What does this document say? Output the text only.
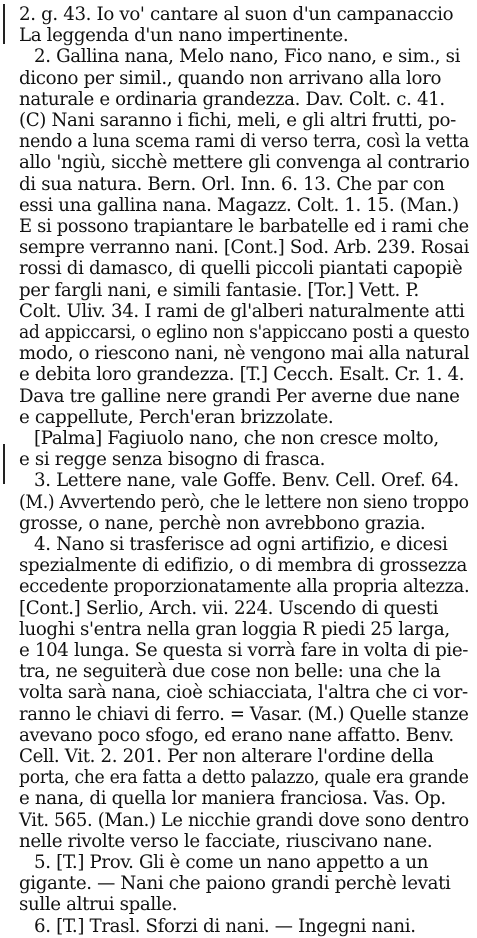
2. g. 43. Io vo' cantare al suon d'un campanaccio
La leggenda d'un nano impertinente.
2. Gallina nana, Melo nano, Fico nano, e sim., si
dicono per simil., quando non arrivano alla loro
naturale e ordinaria grandezza. Dav. Colt. c. 41.
(C) Nani saranno i fichi, meli, e gli altri frutti, po-
nendo a luna scema rami di verso terra, così la vetta
allo 'ngiù, sicchè mettere gli convenga al contrario
di sua natura. Bern. Orl. Inn. 6. 13. Che par con
essi una gallina nana. Magazz. Colt. 1. 15. (Man.)
E si possono trapiantare le barbatelle ed i rami che
sempre verranno nani. [Cont.] Sod. Arb. 239. Rosai
rossi di damasco, di quelli piccoli piantati capopiè
per fargli nani, e simili fantasie. [Tor.] Vett. P.
Colt. Uliv. 34. I rami de gl'alberi naturalmente atti
ad appiccarsi, o eglino non s'appiccano posti a questo
modo, o riescono nani, nè vengono mai alla natural
e debita loro grandezza. [T.] Cecch. Esalt. Cr. 1. 4.
Dava tre galline nere grandi Per averne due nane
e cappellute, Perch'eran brizzolate.
[Palma] Fagiuolo nano, che non cresce molto,
e si regge senza bisogno di frasca.
3. Lettere nane, vale Goffe. Benv. Cell. Oref. 64.
(M.) Avvertendo però, che le lettere non sieno troppo
grosse, o nane, perchè non avrebbono grazia.
4. Nano si trasferisce ad ogni artifizio, e dicesi
spezialmente di edifizio, o di membra di grossezza
eccedente proporzionatamente alla propria altezza.
[Cont.] Serlio, Arch. vii. 224. Uscendo di questi
luoghi s'entra nella gran loggia R piedi 25 larga,
e 104 lunga. Se questa si vorrà fare in volta di pie-
tra, ne seguiterà due cose non belle: una che la
volta sarà nana, cioè schiacciata, l'altra che ci vor-
ranno le chiavi di ferro. = Vasar. (M.) Quelle stanze
avevano poco sfogo, ed erano nane affatto. Benv.
Cell. Vit. 2. 201. Per non alterare l'ordine della
porta, che era fatta a detto palazzo, quale era grande
e nana, di quella lor maniera franciosa. Vas. Op.
Vit. 565. (Man.) Le nicchie grandi dove sono dentro
nelle rivolte verso le facciate, riuscivano nane.
5. [T.] Prov. Gli è come un nano appetto a un
gigante. — Nani che paiono grandi perchè levati
sulle altrui spalle.
6. [T.] Trasl. Sforzi di nani. — Ingegni nani.
